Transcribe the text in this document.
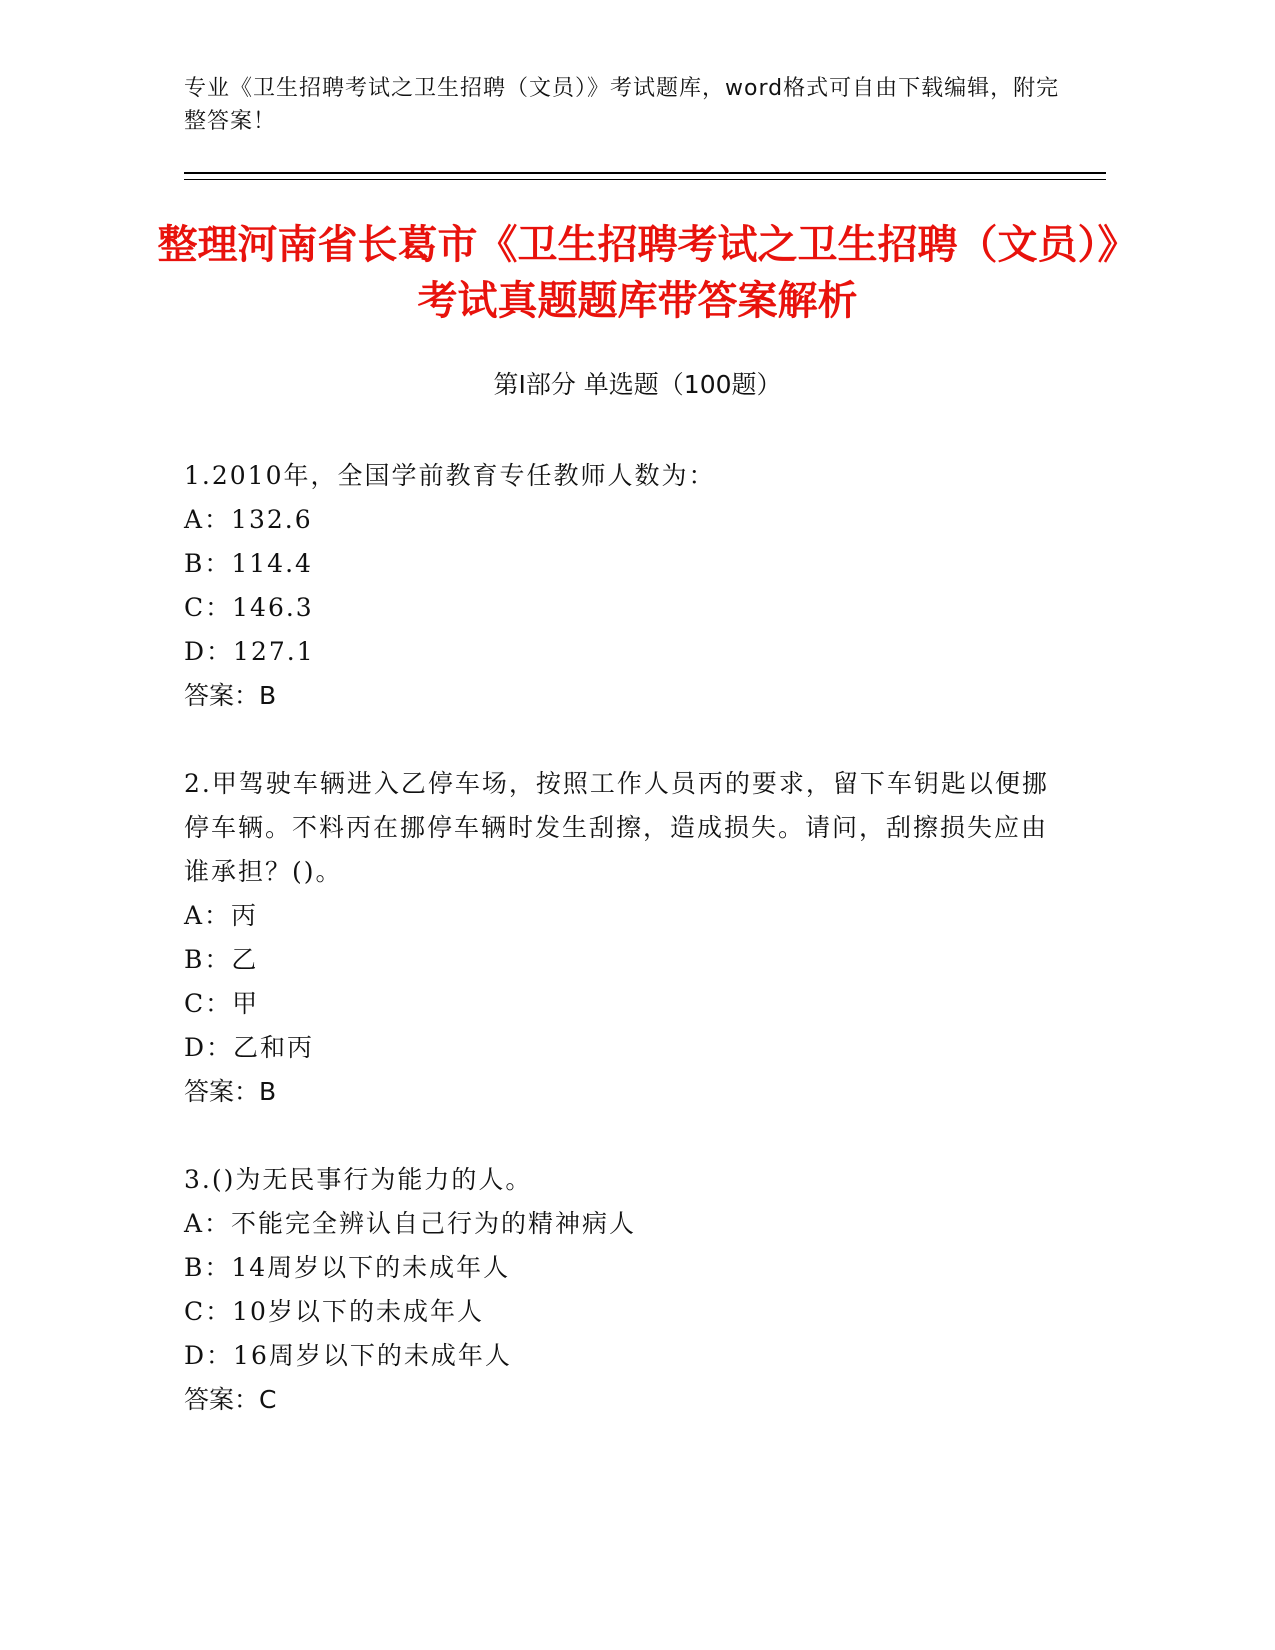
专业《卫生招聘考试之卫生招聘（文员）》考试题库，word格式可自由下载编辑，附完整答案！
整理河南省长葛市《卫生招聘考试之卫生招聘（文员）》考试真题题库带答案解析
第Ⅰ部分 单选题（100题）

1.2010年，全国学前教育专任教师人数为：

A：132.6

B：114.4

C：146.3

D：127.1

答案：B

2.甲驾驶车辆进入乙停车场，按照工作人员丙的要求，留下车钥匙以便挪停车辆。不料丙在挪停车辆时发生刮擦，造成损失。请问，刮擦损失应由谁承担？()。

A：丙

B：乙

C：甲

D：乙和丙

答案：B

3.()为无民事行为能力的人。

A：不能完全辨认自己行为的精神病人

B：14周岁以下的未成年人

C：10岁以下的未成年人

D：16周岁以下的未成年人

答案：C
